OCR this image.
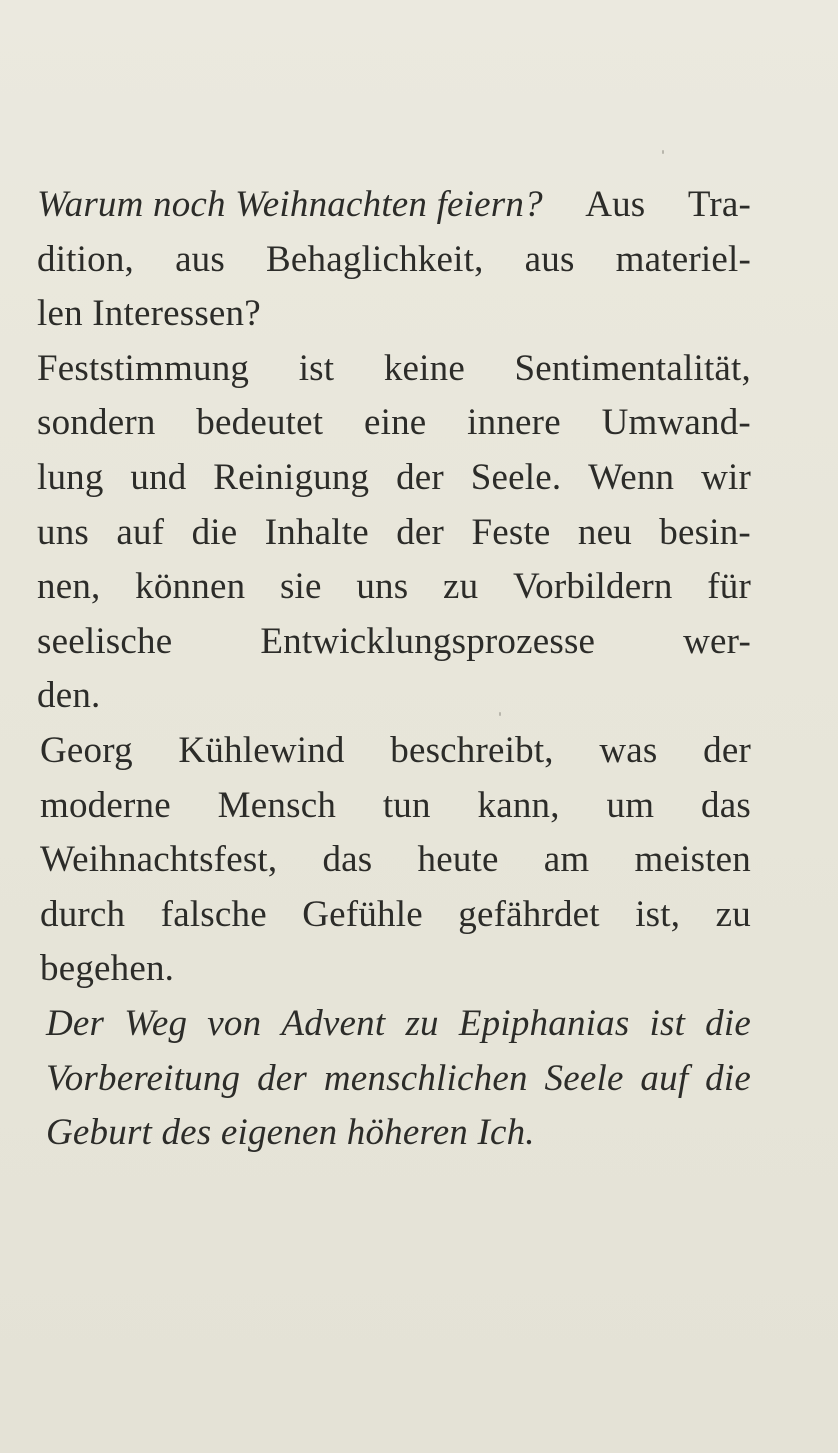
Warum noch Weihnachten feiern? Aus Tra-
dition, aus Behaglichkeit, aus materiel-
len Interessen?
Feststimmung ist keine Sentimentalität,
sondern bedeutet eine innere Umwand-
lung und Reinigung der Seele. Wenn wir
uns auf die Inhalte der Feste neu besin-
nen, können sie uns zu Vorbildern für
seelische Entwicklungsprozesse wer-
den.
Georg Kühlewind beschreibt, was der
moderne Mensch tun kann, um das
Weihnachtsfest, das heute am meisten
durch falsche Gefühle gefährdet ist, zu
begehen.
Der Weg von Advent zu Epiphanias ist die
Vorbereitung der menschlichen Seele auf die
Geburt des eigenen höheren Ich.
